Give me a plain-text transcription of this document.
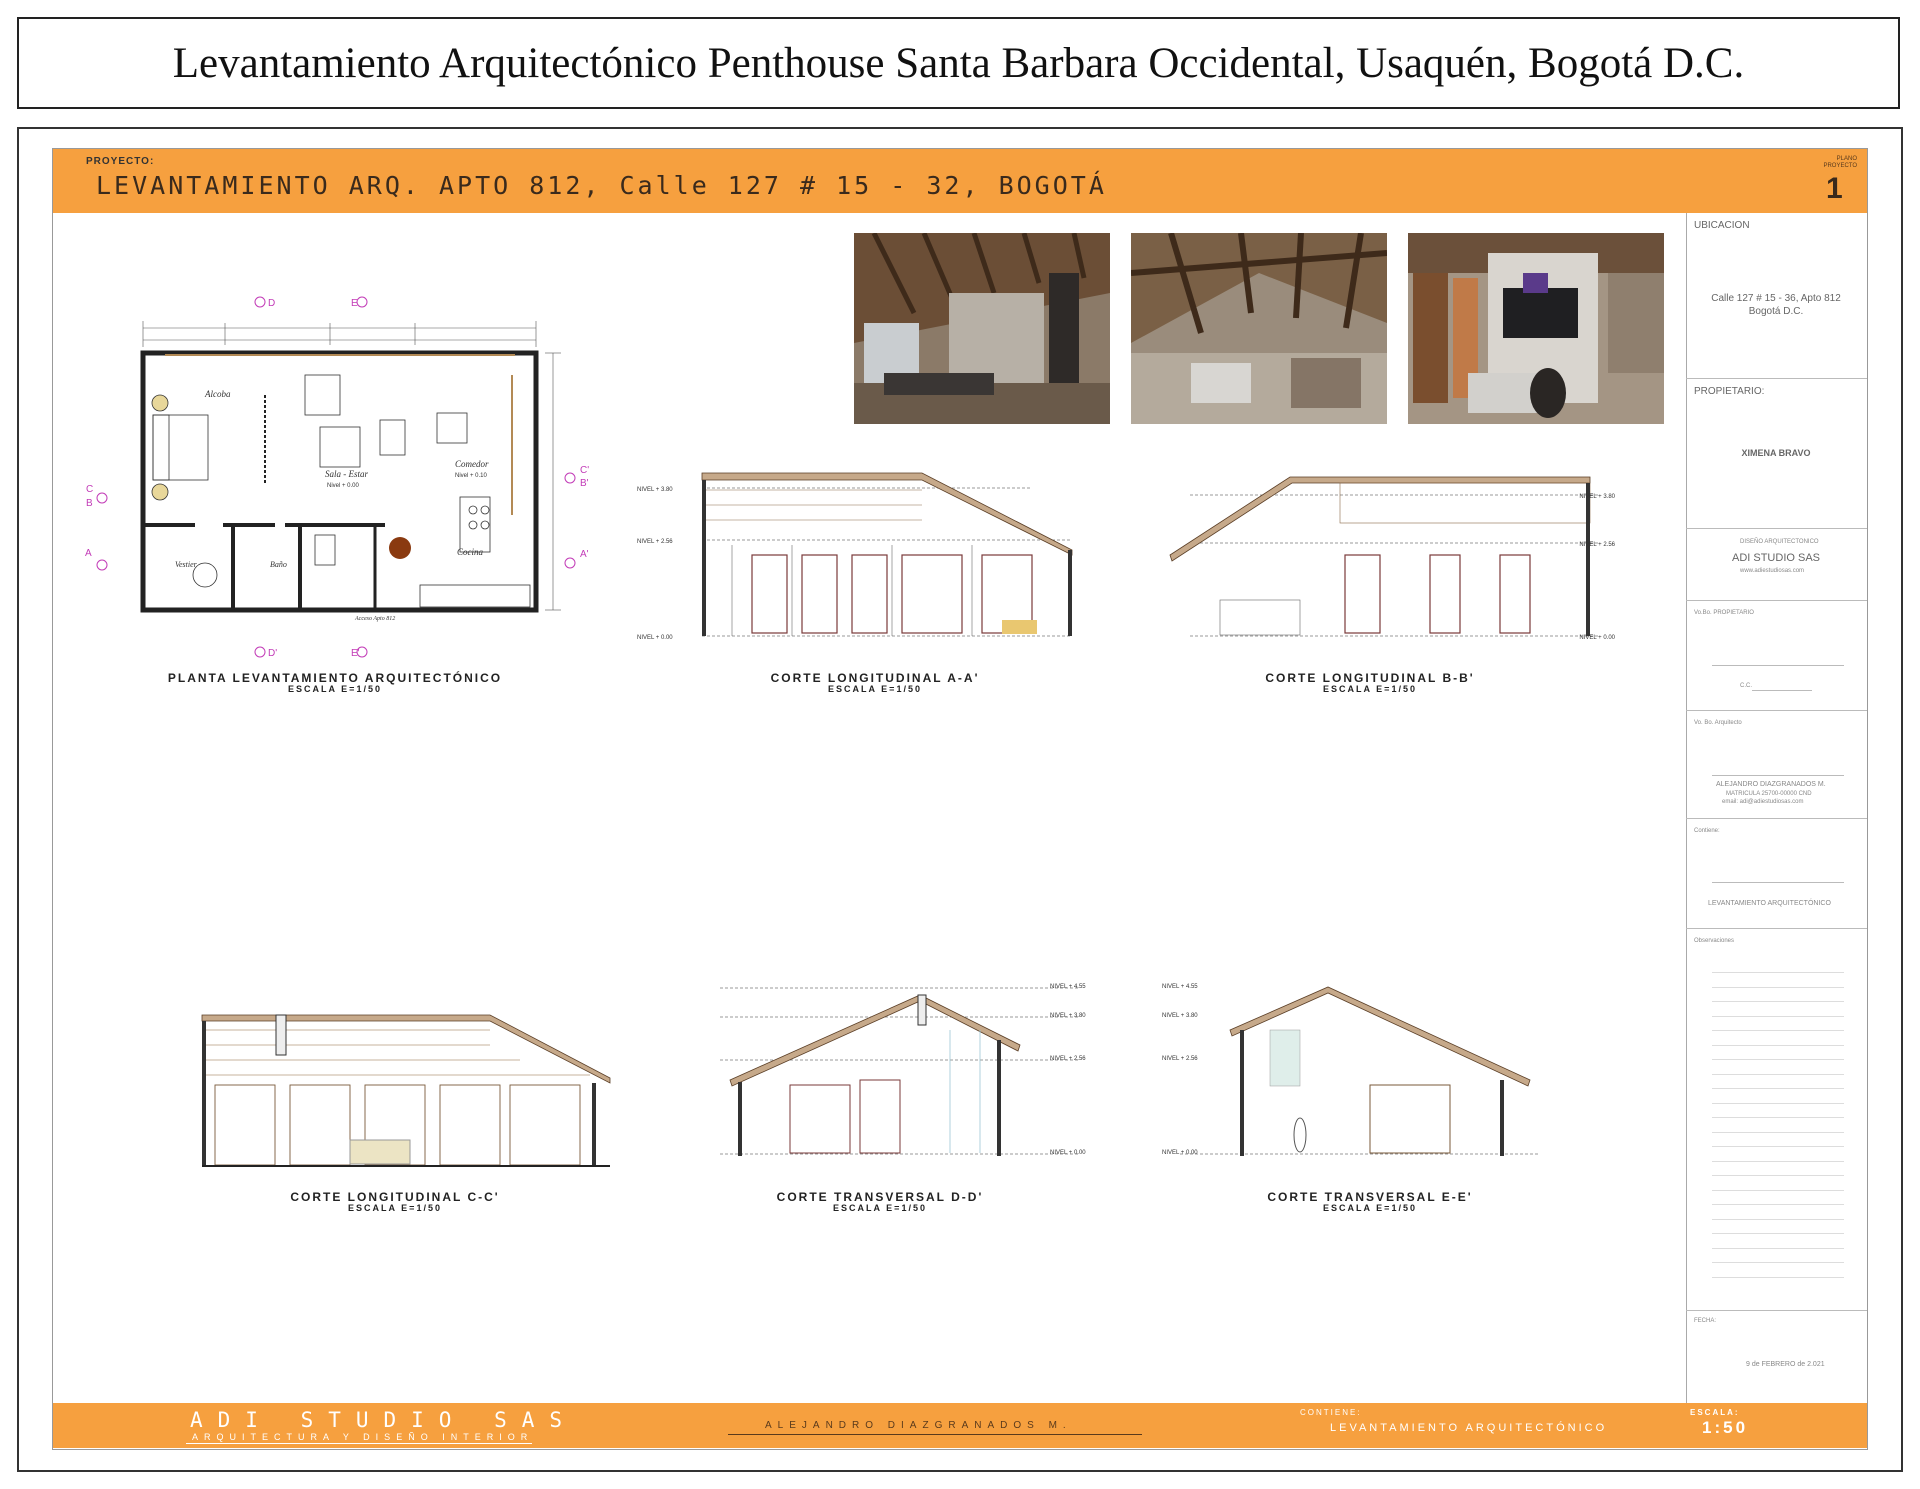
Levantamiento Arquitectónico Penthouse Santa Barbara Occidental, Usaquén, Bogotá D.C.
PROYECTO:
LEVANTAMIENTO ARQ. APTO 812, Calle 127 # 15 - 32, BOGOTÁ
PLANO PROYECTO
1
UBICACION
Calle 127 # 15 - 36, Apto 812
Bogotá D.C.
PROPIETARIO:
XIMENA BRAVO
DISEÑO ARQUITECTONICO
ADI STUDIO SAS
www.adiestudiosas.com
Vo.Bo. PROPIETARIO
C.C.
Vo. Bo. Arquitecto
ALEJANDRO DIAZGRANADOS M.
MATRICULA 25700-00000 CND
email: adi@adiestudiosas.com
Contiene:
LEVANTAMIENTO ARQUITECTÓNICO
Observaciones
FECHA:
9 de FEBRERO de 2.021
Alcoba
Sala - Estar
Nivel + 0.00
Comedor
Nivel + 0.10
Cocina
Vestier	Baño
Acceso Apto 812
D	E
D'	E'
C
B
C'
B'
A	A'
NIVEL + 3.80
NIVEL + 2.56
NIVEL + 0.00
NIVEL + 3.80
NIVEL + 2.56
NIVEL + 0.00
NIVEL + 4.55
NIVEL + 3.80
NIVEL + 2.56
NIVEL + 0.00
NIVEL + 4.55
NIVEL + 3.80
NIVEL + 2.56
NIVEL + 0.00
PLANTA LEVANTAMIENTO ARQUITECTÓNICO
ESCALA E=1/50
CORTE LONGITUDINAL A-A'
ESCALA E=1/50
CORTE LONGITUDINAL B-B'
ESCALA E=1/50
CORTE LONGITUDINAL C-C'
ESCALA E=1/50
CORTE TRANSVERSAL D-D'
ESCALA E=1/50
CORTE TRANSVERSAL E-E'
ESCALA E=1/50
ADI STUDIO SAS
ARQUITECTURA Y DISEÑO INTERIOR
ALEJANDRO DIAZGRANADOS M.
CONTIENE:
LEVANTAMIENTO ARQUITECTÓNICO
ESCALA:
1:50
